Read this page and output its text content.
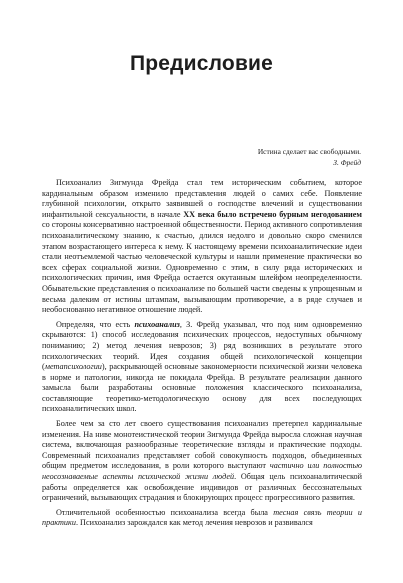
Предисловие
Истина сделает вас свободными.
З. Фрейд

Психоанализ Зигмунда Фрейда стал тем историческим событием, которое кардинальным образом изменило представления людей о самих себе. Появление глубинной психологии, открыто заявившей о господстве влечений и существовании инфантильной сексуальности, в начале XX века было встречено бурным негодованием со стороны консервативно настроенной общественности. Период активного сопротивления психоаналитическому знанию, к счастью, длился недолго и довольно скоро сменился этапом возрастающего интереса к нему. К настоящему времени психоаналитические идеи стали неотъемлемой частью человеческой культуры и нашли применение практически во всех сферах социальной жизни. Одновременно с этим, в силу ряда исторических и психологических причин, имя Фрейда остается окутанным шлейфом неопределенности. Обывательские представления о психоанализе по большей части сведены к упрощенным и весьма далеким от истины штампам, вызывающим противоречие, а в ряде случаев и необоснованно негативное отношение людей.

Определяя, что есть психоанализ, З. Фрейд указывал, что под ним одновременно скрываются: 1) способ исследования психических процессов, недоступных обычному пониманию; 2) метод лечения неврозов; 3) ряд возникших в результате этого психологических теорий. Идея создания общей психологической концепции (метапсихологии), раскрывающей основные закономерности психической жизни человека в норме и патологии, никогда не покидала Фрейда. В результате реализации данного замысла были разработаны основные положения классического психоанализа, составляющие теоретико-методологическую основу для всех последующих психоаналитических школ.

Более чем за сто лет своего существования психоанализ претерпел кардинальные изменения. На ниве монотеистической теории Зигмунда Фрейда выросла сложная научная система, включающая разнообразные теоретические взгляды и практические подходы. Современный психоанализ представляет собой совокупность подходов, объединенных общим предметом исследования, в роли которого выступают частично или полностью неосознаваемые аспекты психической жизни людей. Общая цель психоаналитической работы определяется как освобождение индивидов от различных бессознательных ограничений, вызывающих страдания и блокирующих процесс прогрессивного развития.

Отличительной особенностью психоанализа всегда была тесная связь теории и практики. Психоанализ зарождался как метод лечения неврозов и развивался
